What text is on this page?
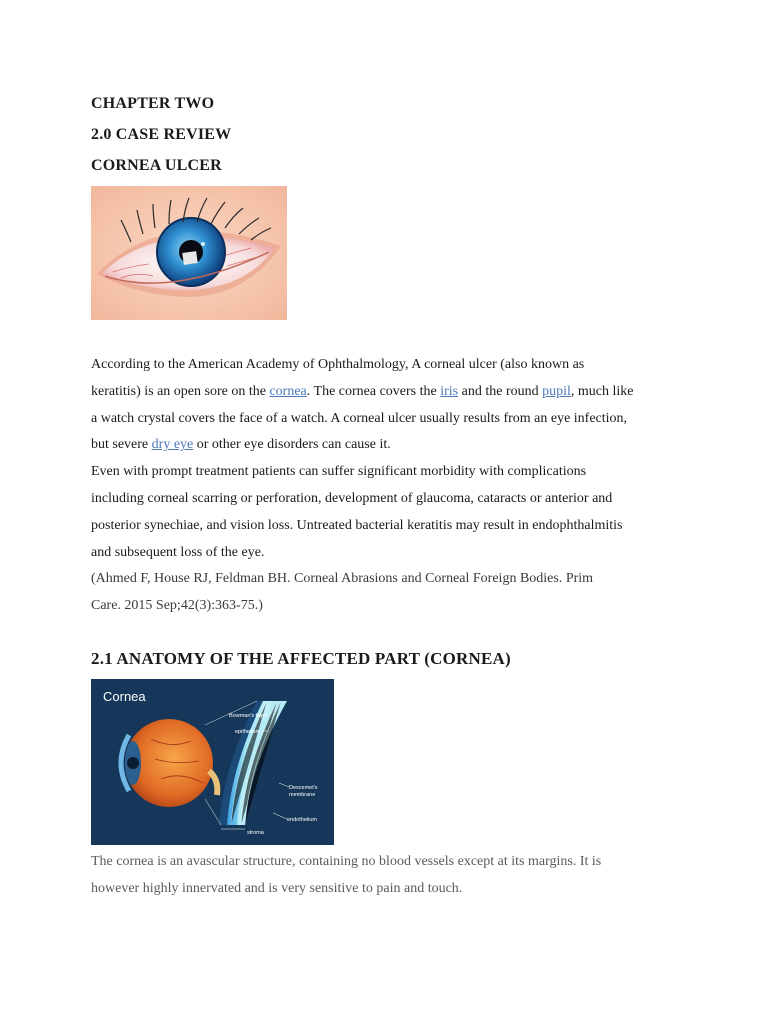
CHAPTER TWO
2.0 CASE REVIEW
CORNEA ULCER
According to the American Academy of Ophthalmology, A corneal ulcer (also known as
keratitis) is an open sore on the cornea. The cornea covers the iris and the round pupil, much like
a watch crystal covers the face of a watch. A corneal ulcer usually results from an eye infection,
but severe dry eye or other eye disorders can cause it.
Even with prompt treatment patients can suffer significant morbidity with complications
including corneal scarring or perforation, development of glaucoma, cataracts or anterior and
posterior synechiae, and vision loss. Untreated bacterial keratitis may result in endophthalmitis
and subsequent loss of the eye.
(Ahmed F, House RJ, Feldman BH. Corneal Abrasions and Corneal Foreign Bodies. Prim
Care. 2015 Sep;42(3):363-75.)
2.1 ANATOMY OF THE AFFECTED PART (CORNEA)
Cornea
Bowman's layer
epithelium
Descemet's
membrane
endothelium
stroma
The cornea is an avascular structure, containing no blood vessels except at its margins. It is
however highly innervated and is very sensitive to pain and touch.
